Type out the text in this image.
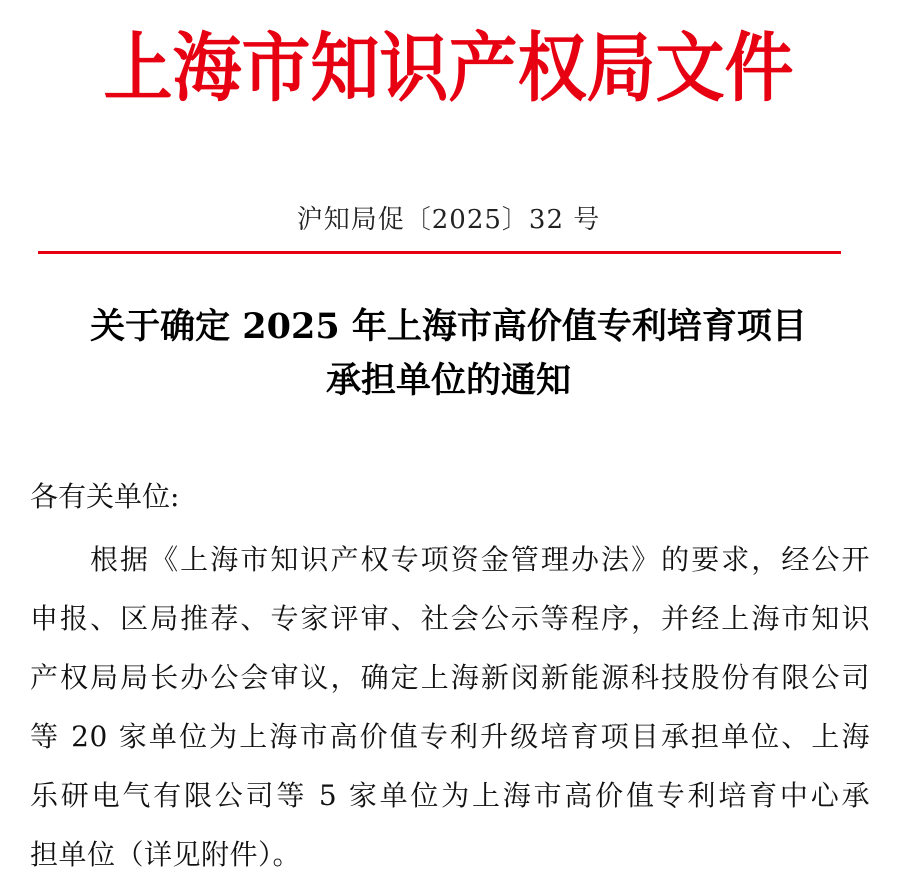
上海市知识产权局文件
沪知局促〔2025〕32 号
关于确定 2025 年上海市高价值专利培育项目
承担单位的通知
各有关单位:
根据《上海市知识产权专项资金管理办法》的要求，经公开
申报、区局推荐、专家评审、社会公示等程序，并经上海市知识
产权局局长办公会审议，确定上海新闵新能源科技股份有限公司
等 20 家单位为上海市高价值专利升级培育项目承担单位、上海
乐研电气有限公司等 5 家单位为上海市高价值专利培育中心承
担单位（详见附件）。
